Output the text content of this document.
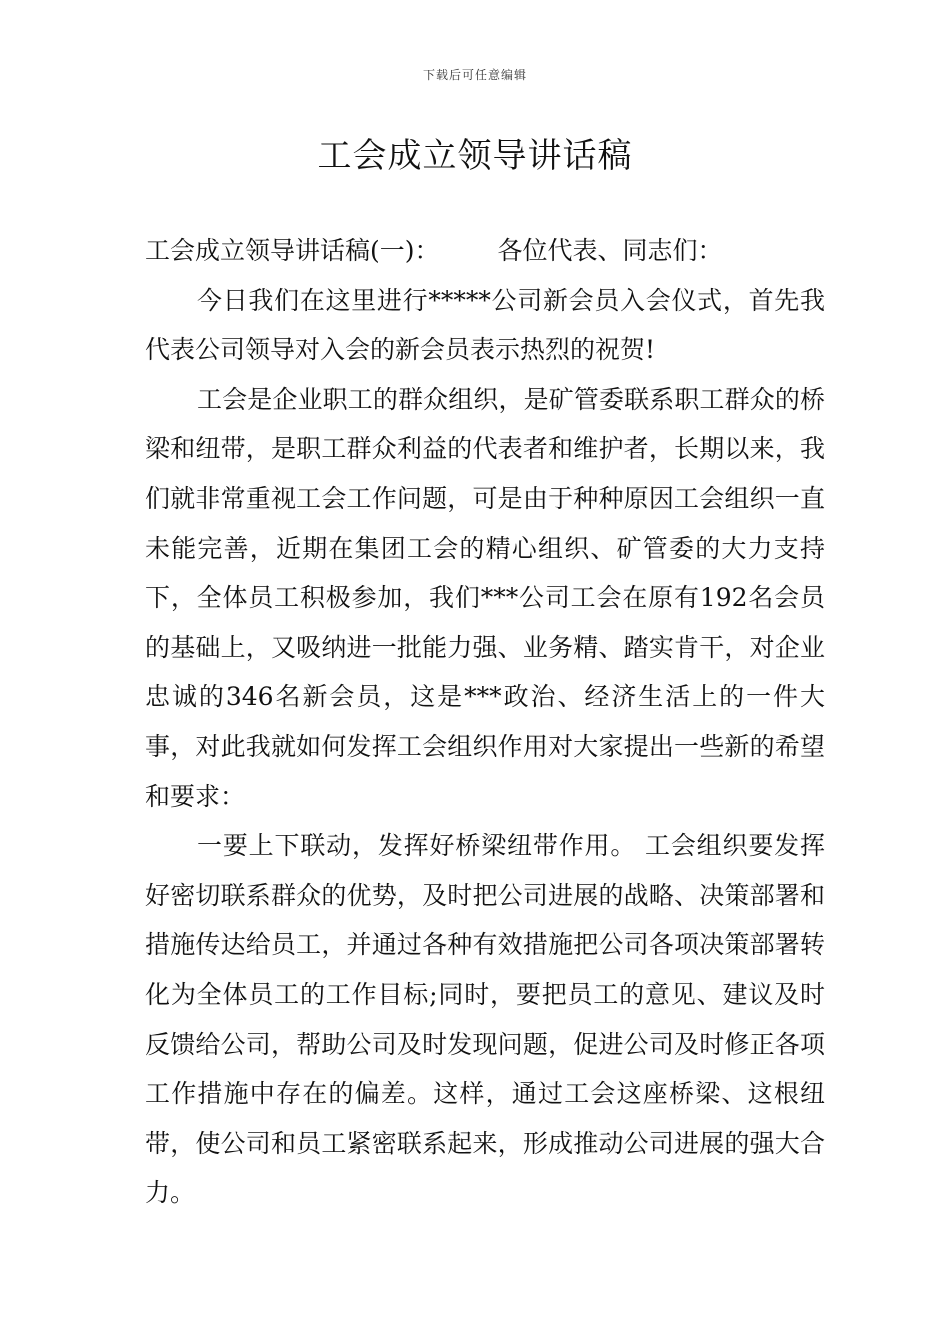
下载后可任意编辑
工会成立领导讲话稿

工会成立领导讲话稿(一)： 各位代表、同志们：

今日我们在这里进行*****公司新会员入会仪式，首先我代表公司领导对入会的新会员表示热烈的祝贺!

工会是企业职工的群众组织，是矿管委联系职工群众的桥梁和纽带，是职工群众利益的代表者和维护者，长期以来，我们就非常重视工会工作问题，可是由于种种原因工会组织一直未能完善，近期在集团工会的精心组织、矿管委的大力支持下，全体员工积极参加，我们***公司工会在原有192名会员的基础上，又吸纳进一批能力强、业务精、踏实肯干，对企业忠诚的346名新会员，这是***政治、经济生活上的一件大事，对此我就如何发挥工会组织作用对大家提出一些新的希望和要求：

一要上下联动，发挥好桥梁纽带作用。 工会组织要发挥好密切联系群众的优势，及时把公司进展的战略、决策部署和措施传达给员工，并通过各种有效措施把公司各项决策部署转化为全体员工的工作目标;同时，要把员工的意见、建议及时反馈给公司，帮助公司及时发现问题，促进公司及时修正各项工作措施中存在的偏差。这样，通过工会这座桥梁、这根纽带，使公司和员工紧密联系起来，形成推动公司进展的强大合力。
